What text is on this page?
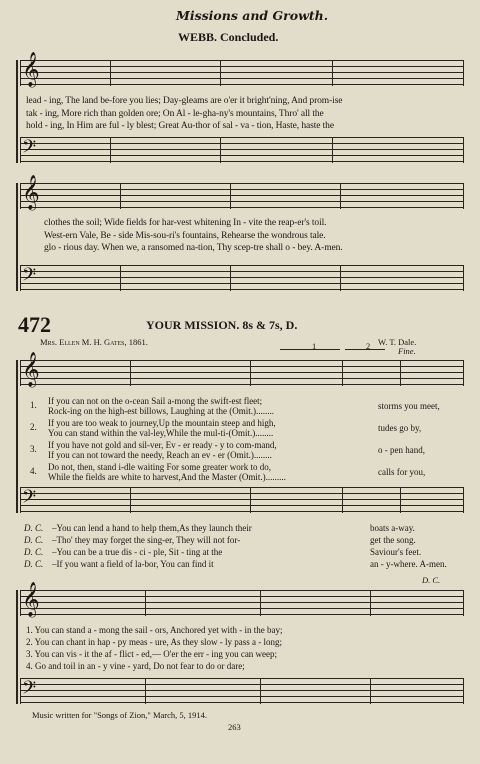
Missions and Growth.
WEBB. Concluded.
𝄞
lead - ing, The land be-fore you lies; Day-gleams are o'er it bright'ning, And prom-ise
tak - ing, More rich than golden ore; On Al - le-gha-ny's mountains, Thro' all the
hold - ing, In Him are ful - ly blest; Great Au-thor of sal - va - tion, Haste, haste the
𝄢
𝄞
clothes the soil; Wide fields for har-vest whitening In - vite the reap-er's toil.
West-ern Vale, Be - side Mis-sou-ri's fountains, Rehearse the wondrous tale.
glo - rious day. When we, a ransomed na-tion, Thy scep-tre shall o - bey. A-men.
𝄢
472	YOUR MISSION. 8s & 7s, D.
Mrs. Ellen M. H. Gates, 1861.	W. T. Dale.
1	2	Fine.
𝄞
1. If you can not on the o-cean Sail a-mong the swift-est fleet;
Rock-ing on the high-est billows, Laughing at the (Omit.)........	storms you meet,
2. If you are too weak to journey,Up the mountain steep and high,
You can stand within the val-ley,While the mul-ti-(Omit.)........	tudes go by,
3. If you have not gold and sil-ver, Ev - er ready - y to com-mand,
If you can not toward the needy, Reach an ev - er (Omit.)........	o - pen hand,
4. Do not, then, stand i-dle waiting For some greater work to do,
While the fields are white to harvest,And the Master (Omit.).........	calls for you,
𝄢
D. C. –You can lend a hand to help them,As they launch their	boats a-way.
D. C. –Tho' they may forget the sing-er, They will not for-	get the song.
D. C. –You can be a true dis - ci - ple, Sit - ting at the	Saviour's feet.
D. C. –If you want a field of la-bor, You can find it	an - y-where. A-men.
D. C.
𝄞
1. You can stand a - mong the sail - ors, Anchored yet with - in the bay;
2. You can chant in hap - py meas - ure, As they slow - ly pass a - long;
3. You can vis - it the af - flict - ed,— O'er the err - ing you can weep;
4. Go and toil in an - y vine - yard, Do not fear to do or dare;
𝄢
Music written for "Songs of Zion," March, 5, 1914.
263
